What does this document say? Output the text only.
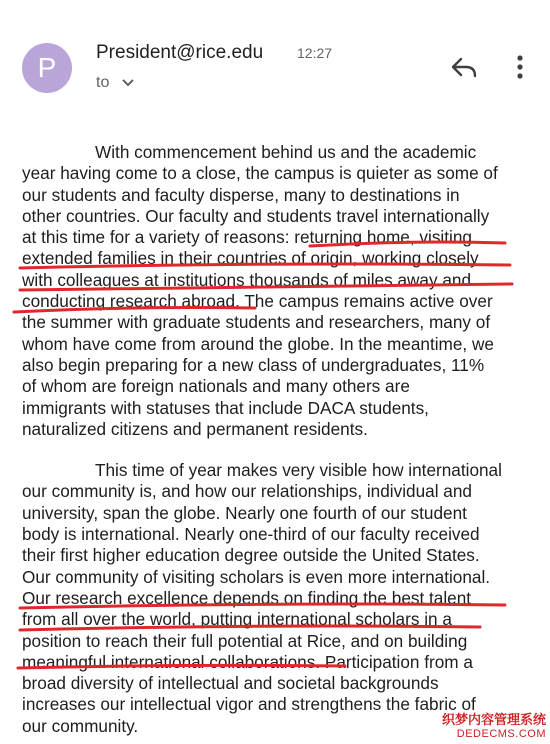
P	President@rice.edu 12:27
to
With commencement behind us and the academic
year having come to a close, the campus is quieter as some of
our students and faculty disperse, many to destinations in
other countries. Our faculty and students travel internationally
at this time for a variety of reasons: returning home, visiting
extended families in their countries of origin, working closely
with colleagues at institutions thousands of miles away and
conducting research abroad. The campus remains active over
the summer with graduate students and researchers, many of
whom have come from around the globe. In the meantime, we
also begin preparing for a new class of undergraduates, 11%
of whom are foreign nationals and many others are
immigrants with statuses that include DACA students,
naturalized citizens and permanent residents.
This time of year makes very visible how international
our community is, and how our relationships, individual and
university, span the globe. Nearly one fourth of our student
body is international. Nearly one-third of our faculty received
their first higher education degree outside the United States.
Our community of visiting scholars is even more international.
Our research excellence depends on finding the best talent
from all over the world, putting international scholars in a
position to reach their full potential at Rice, and on building
meaningful international collaborations. Participation from a
broad diversity of intellectual and societal backgrounds
increases our intellectual vigor and strengthens the fabric of
our community.	织梦内容管理系统
DEDECMS.COM
